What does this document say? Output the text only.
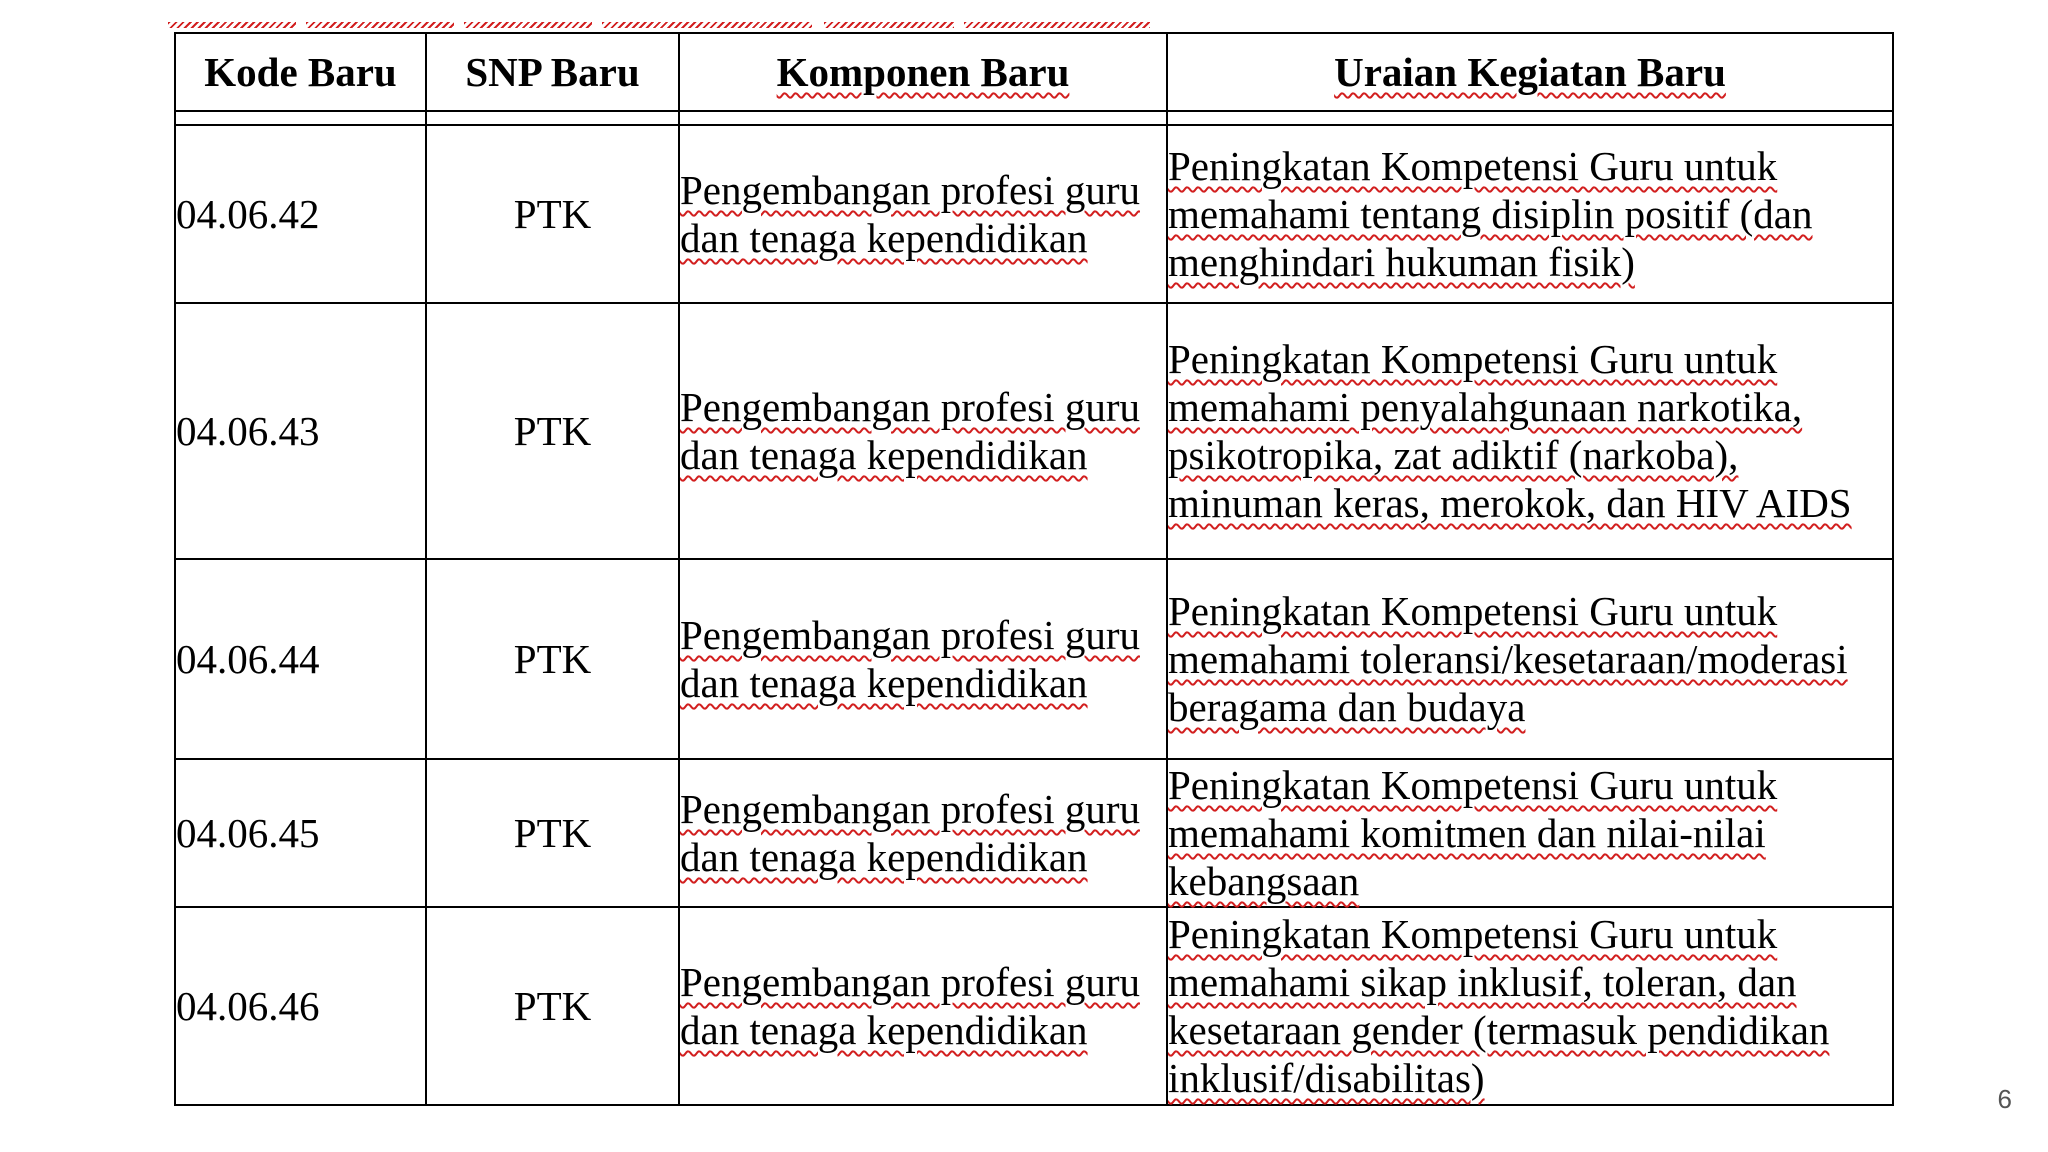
Kode Baru	SNP Baru	Komponen Baru	Uraian Kegiatan Baru

04.06.42	PTK	Pengembangan profesi guru dan tenaga kependidikan	Peningkatan Kompetensi Guru untuk memahami tentang disiplin positif (dan menghindari hukuman fisik)
04.06.43	PTK	Pengembangan profesi guru dan tenaga kependidikan	Peningkatan Kompetensi Guru untuk memahami penyalahgunaan narkotika, psikotropika, zat adiktif (narkoba), minuman keras, merokok, dan HIV AIDS
04.06.44	PTK	Pengembangan profesi guru dan tenaga kependidikan	Peningkatan Kompetensi Guru untuk memahami toleransi/kesetaraan/moderasi beragama dan budaya
04.06.45	PTK	Pengembangan profesi guru dan tenaga kependidikan	Peningkatan Kompetensi Guru untuk memahami komitmen dan nilai-nilai kebangsaan
04.06.46	PTK	Pengembangan profesi guru dan tenaga kependidikan	Peningkatan Kompetensi Guru untuk memahami sikap inklusif, toleran, dan kesetaraan gender (termasuk pendidikan inklusif/disabilitas)	6
